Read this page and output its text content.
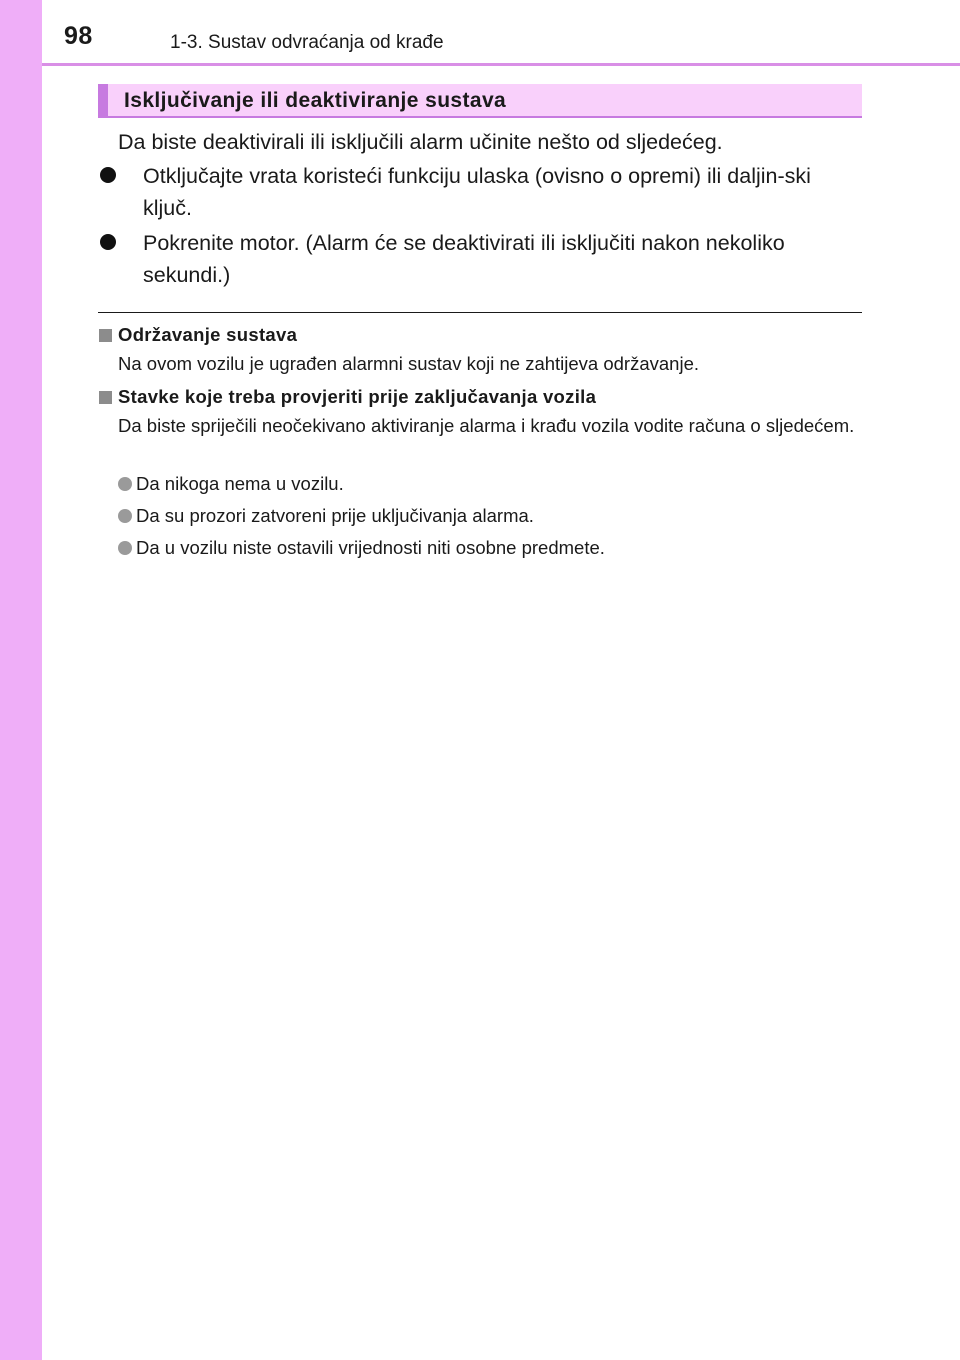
98	1-3. Sustav odvraćanja od krađe
Isključivanje ili deaktiviranje sustava
Da biste deaktivirali ili isključili alarm učinite nešto od sljedećeg.
Otključajte vrata koristeći funkciju ulaska (ovisno o opremi) ili daljin-ski ključ.
Pokrenite motor. (Alarm će se deaktivirati ili isključiti nakon nekoliko sekundi.)
Održavanje sustava
Na ovom vozilu je ugrađen alarmni sustav koji ne zahtijeva održavanje.
Stavke koje treba provjeriti prije zaključavanja vozila
Da biste spriječili neočekivano aktiviranje alarma i krađu vozila vodite računa o sljedećem.
Da nikoga nema u vozilu.
Da su prozori zatvoreni prije uključivanja alarma.
Da u vozilu niste ostavili vrijednosti niti osobne predmete.
